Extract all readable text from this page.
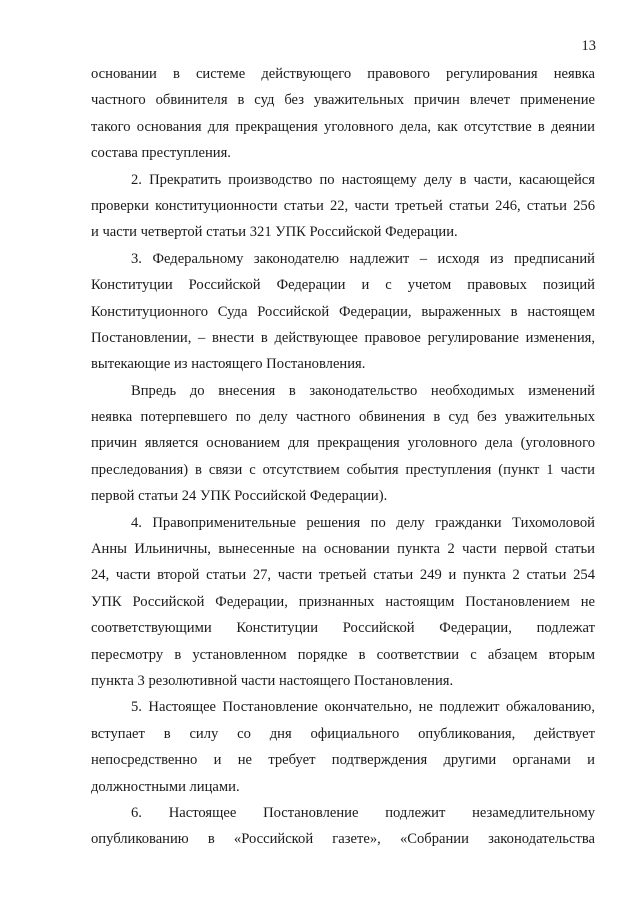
13

основании в системе действующего правового регулирования неявка
частного обвинителя в суд без уважительных причин влечет применение
такого основания для прекращения уголовного дела, как отсутствие в деянии
состава преступления.

2. Прекратить производство по настоящему делу в части, касающейся
проверки конституционности статьи 22, части третьей статьи 246, статьи 256
и части четвертой статьи 321 УПК Российской Федерации.

3. Федеральному законодателю надлежит – исходя из предписаний
Конституции Российской Федерации и с учетом правовых позиций
Конституционного Суда Российской Федерации, выраженных в настоящем
Постановлении, – внести в действующее правовое регулирование изменения,
вытекающие из настоящего Постановления.

Впредь до внесения в законодательство необходимых изменений
неявка потерпевшего по делу частного обвинения в суд без уважительных
причин является основанием для прекращения уголовного дела (уголовного
преследования) в связи с отсутствием события преступления (пункт 1 части
первой статьи 24 УПК Российской Федерации).

4. Правоприменительные решения по делу гражданки Тихомоловой
Анны Ильиничны, вынесенные на основании пункта 2 части первой статьи
24, части второй статьи 27, части третьей статьи 249 и пункта 2 статьи 254
УПК Российской Федерации, признанных настоящим Постановлением не
соответствующими Конституции Российской Федерации, подлежат
пересмотру в установленном порядке в соответствии с абзацем вторым
пункта 3 резолютивной части настоящего Постановления.

5. Настоящее Постановление окончательно, не подлежит обжалованию,
вступает в силу со дня официального опубликования, действует
непосредственно и не требует подтверждения другими органами и
должностными лицами.

6. Настоящее Постановление подлежит незамедлительному
опубликованию в «Российской газете», «Собрании законодательства
